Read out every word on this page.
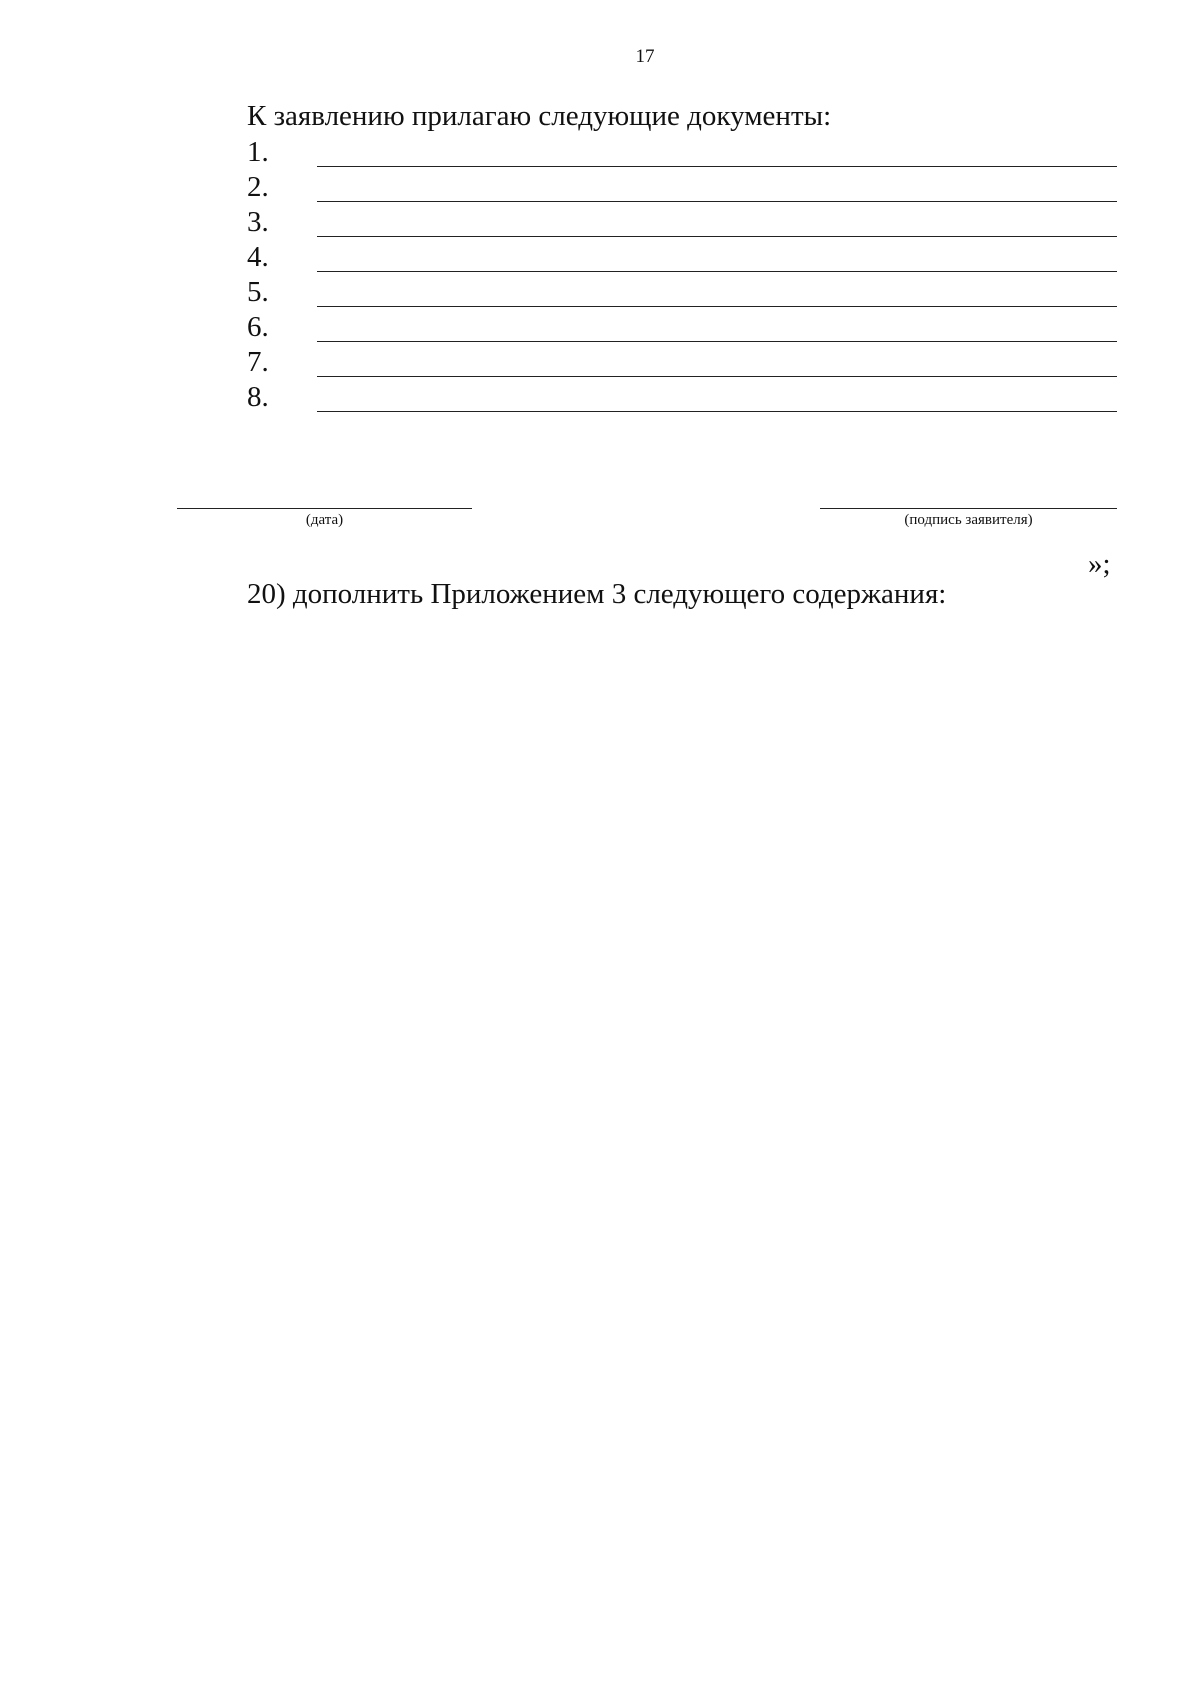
17
К заявлению прилагаю следующие документы:
1.
2.
3.
4.
5.
6.
7.
8.
(дата)	(подпись заявителя)
»;
20) дополнить Приложением 3 следующего содержания:
